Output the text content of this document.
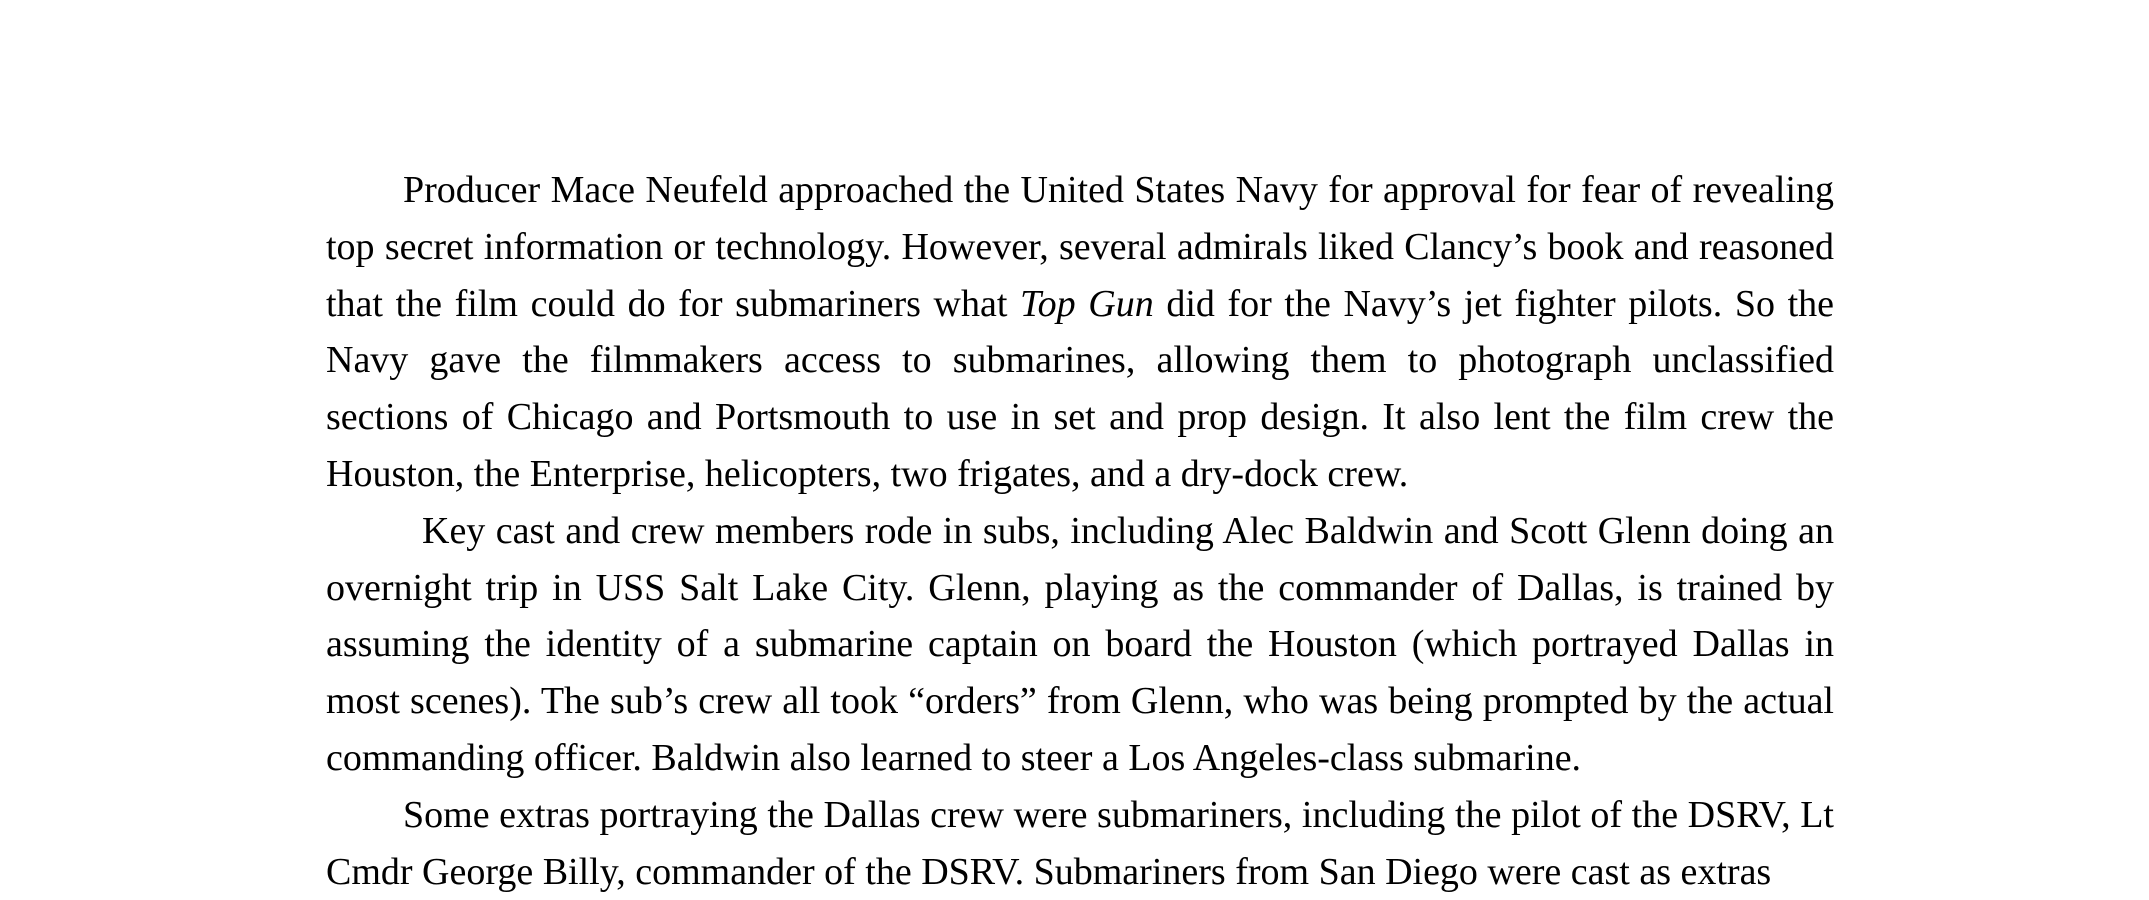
Producer Mace Neufeld approached the United States Navy for approval for fear of revealing top secret information or technology. However, several admirals liked Clancy’s book and reasoned that the film could do for submariners what Top Gun did for the Navy’s jet fighter pilots. So the Navy gave the filmmakers access to submarines, allowing them to photograph unclassified sections of Chicago and Portsmouth to use in set and prop design. It also lent the film crew the Houston, the Enterprise, helicopters, two frigates, and a dry-dock crew.

Key cast and crew members rode in subs, including Alec Baldwin and Scott Glenn doing an overnight trip in USS Salt Lake City. Glenn, playing as the commander of Dallas, is trained by assuming the identity of a submarine captain on board the Houston (which portrayed Dallas in most scenes). The sub’s crew all took “orders” from Glenn, who was being prompted by the actual commanding officer. Baldwin also learned to steer a Los Angeles-class submarine.

Some extras portraying the Dallas crew were submariners, including the pilot of the DSRV, Lt Cmdr George Billy, commander of the DSRV. Submariners from San Diego were cast as extras
